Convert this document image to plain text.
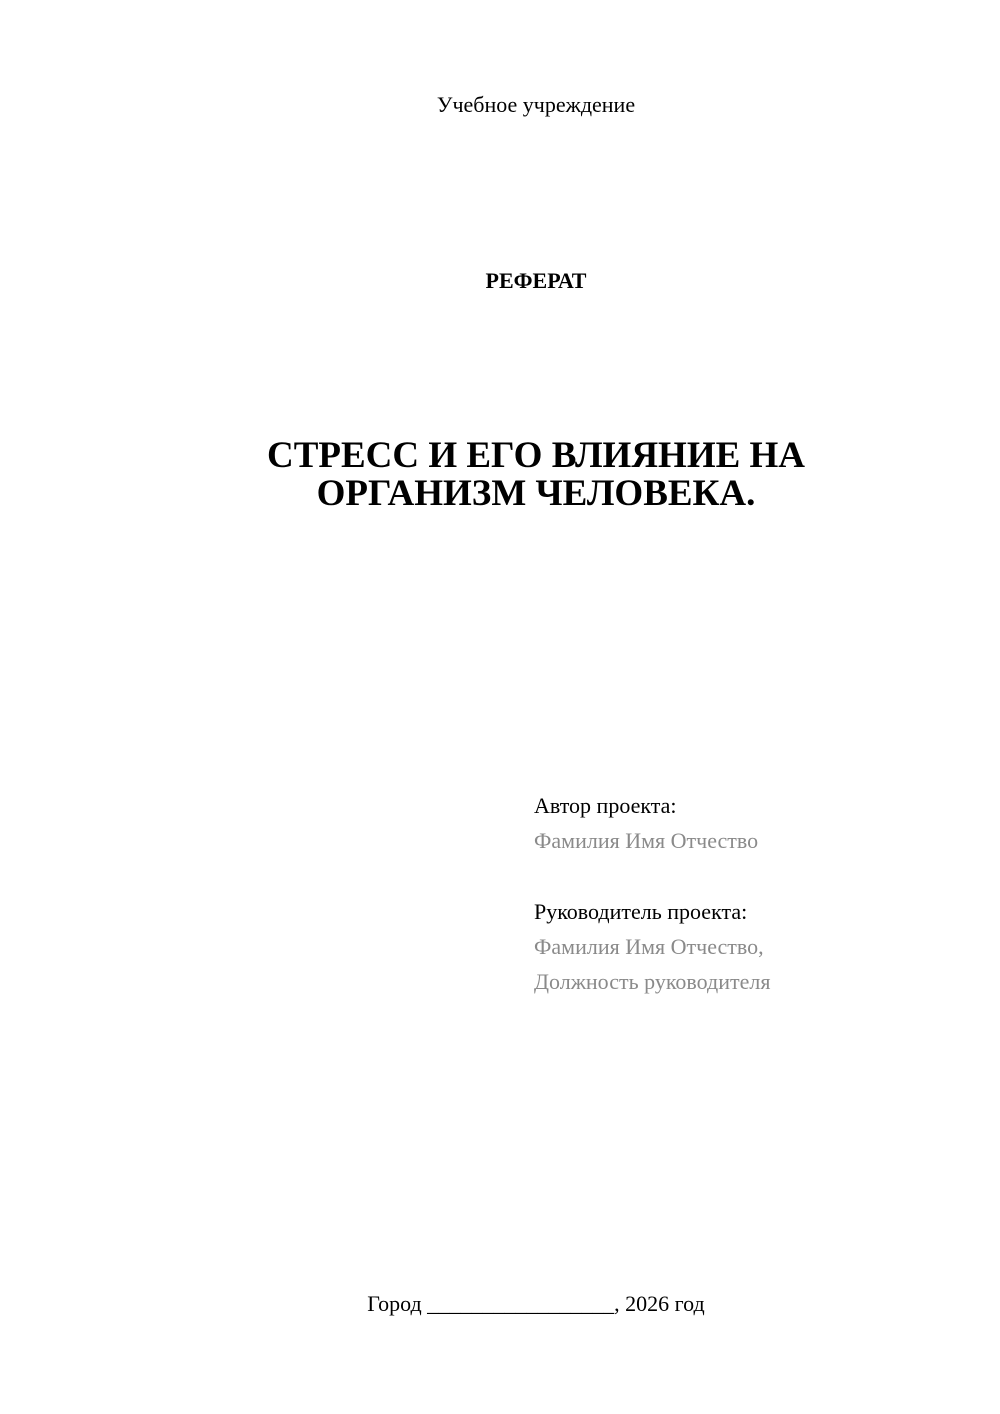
Учебное учреждение
РЕФЕРАТ
СТРЕСС И ЕГО ВЛИЯНИЕ НА
ОРГАНИЗМ ЧЕЛОВЕКА.
Автор проекта:
Фамилия Имя Отчество
Руководитель проекта:
Фамилия Имя Отчество,
Должность руководителя
Город _________________, 2026 год
